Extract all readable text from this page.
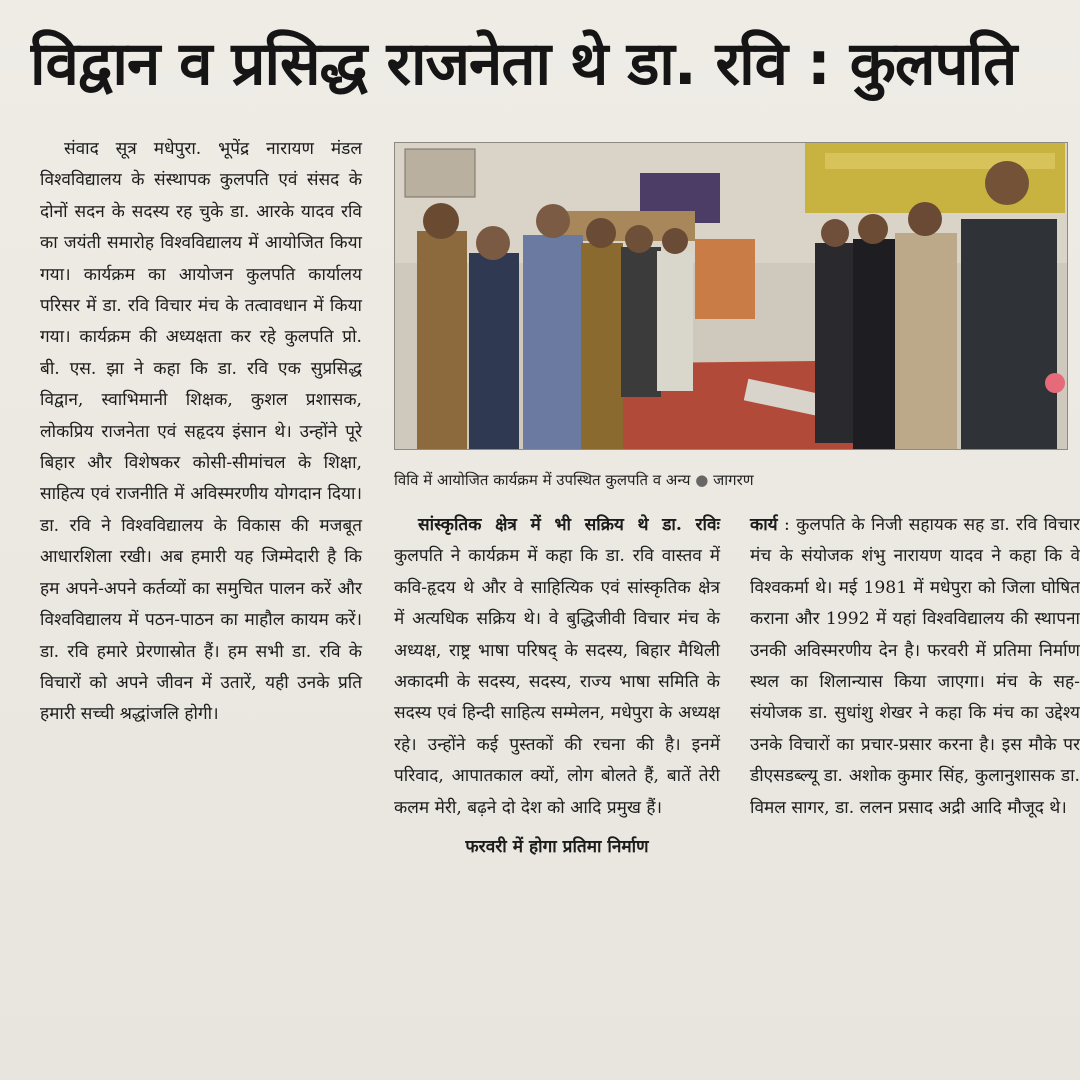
विद्वान व प्रसिद्ध राजनेता थे डा. रवि : कुलपति

संवाद सूत्र मधेपुरा. भूपेंद्र नारायण मंडल विश्वविद्यालय के संस्थापक कुलपति एवं संसद के दोनों सदन के सदस्य रह चुके डा. आरके यादव रवि का जयंती समारोह विश्वविद्यालय में आयोजित किया गया। कार्यक्रम का आयोजन कुलपति कार्यालय परिसर में डा. रवि विचार मंच के तत्वावधान में किया गया। कार्यक्रम की अध्यक्षता कर रहे कुलपति प्रो. बी. एस. झा ने कहा कि डा. रवि एक सुप्रसिद्ध विद्वान, स्वाभिमानी शिक्षक, कुशल प्रशासक, लोकप्रिय राजनेता एवं सहृदय इंसान थे। उन्होंने पूरे बिहार और विशेषकर कोसी-सीमांचल के शिक्षा, साहित्य एवं राजनीति में अविस्मरणीय योगदान दिया। डा. रवि ने विश्वविद्यालय के विकास की मजबूत आधारशिला रखी। अब हमारी यह जिम्मेदारी है कि हम अपने-अपने कर्तव्यों का समुचित पालन करें और विश्वविद्यालय में पठन-पाठन का माहौल कायम करें। डा. रवि हमारे प्रेरणास्रोत हैं। हम सभी डा. रवि के विचारों को अपने जीवन में उतारें, यही उनके प्रति हमारी सच्ची श्रद्धांजलि होगी।

विवि में आयोजित कार्यक्रम में उपस्थित कुलपति व अन्य ● जागरण

सांस्कृतिक क्षेत्र में भी सक्रिय थे डा. रविः कुलपति ने कार्यक्रम में कहा कि डा. रवि वास्तव में कवि-हृदय थे और वे साहित्यिक एवं सांस्कृतिक क्षेत्र में अत्यधिक सक्रिय थे। वे बुद्धिजीवी विचार मंच के अध्यक्ष, राष्ट्र भाषा परिषद् के सदस्य, बिहार मैथिली अकादमी के सदस्य, सदस्य, राज्य भाषा समिति के सदस्य एवं हिन्दी साहित्य सम्मेलन, मधेपुरा के अध्यक्ष रहे। उन्होंने कई पुस्तकों की रचना की है। इनमें परिवाद, आपातकाल क्यों, लोग बोलते हैं, बातें तेरी कलम मेरी, बढ़ने दो देश को आदि प्रमुख हैं।

फरवरी में होगा प्रतिमा निर्माण

कार्य : कुलपति के निजी सहायक सह डा. रवि विचार मंच के संयोजक शंभु नारायण यादव ने कहा कि वे विश्वकर्मा थे। मई 1981 में मधेपुरा को जिला घोषित कराना और 1992 में यहां विश्वविद्यालय की स्थापना उनकी अविस्मरणीय देन है। फरवरी में प्रतिमा निर्माण स्थल का शिलान्यास किया जाएगा। मंच के सह-संयोजक डा. सुधांशु शेखर ने कहा कि मंच का उद्देश्य उनके विचारों का प्रचार-प्रसार करना है। इस मौके पर डीएसडब्ल्यू डा. अशोक कुमार सिंह, कुलानुशासक डा. विमल सागर, डा. ललन प्रसाद अद्री आदि मौजूद थे।
